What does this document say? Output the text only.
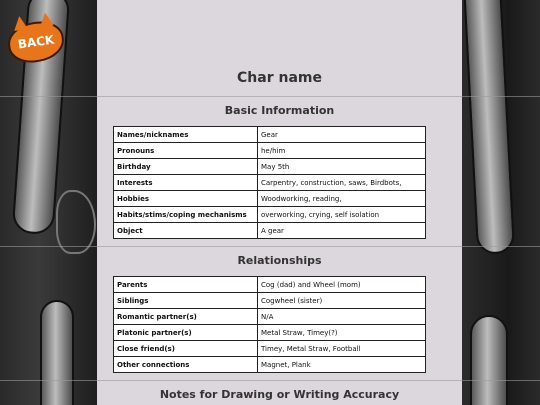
BACK
Char name
Basic Information
Names/nicknames	Gear
Pronouns	he/him
Birthday	May 5th
Interests	Carpentry, construction, saws, Birdbots,
Hobbies	Woodworking, reading,
Habits/stims/coping mechanisms	overworking, crying, self isolation
Object	A gear
Relationships
Parents	Cog (dad) and Wheel (mom)
Siblings	Cogwheel (sister)
Romantic partner(s)	N/A
Platonic partner(s)	Metal Straw, Timey(?)
Close friend(s)	Timey, Metal Straw, Football
Other connections	Magnet, Plank
Notes for Drawing or Writing Accuracy
